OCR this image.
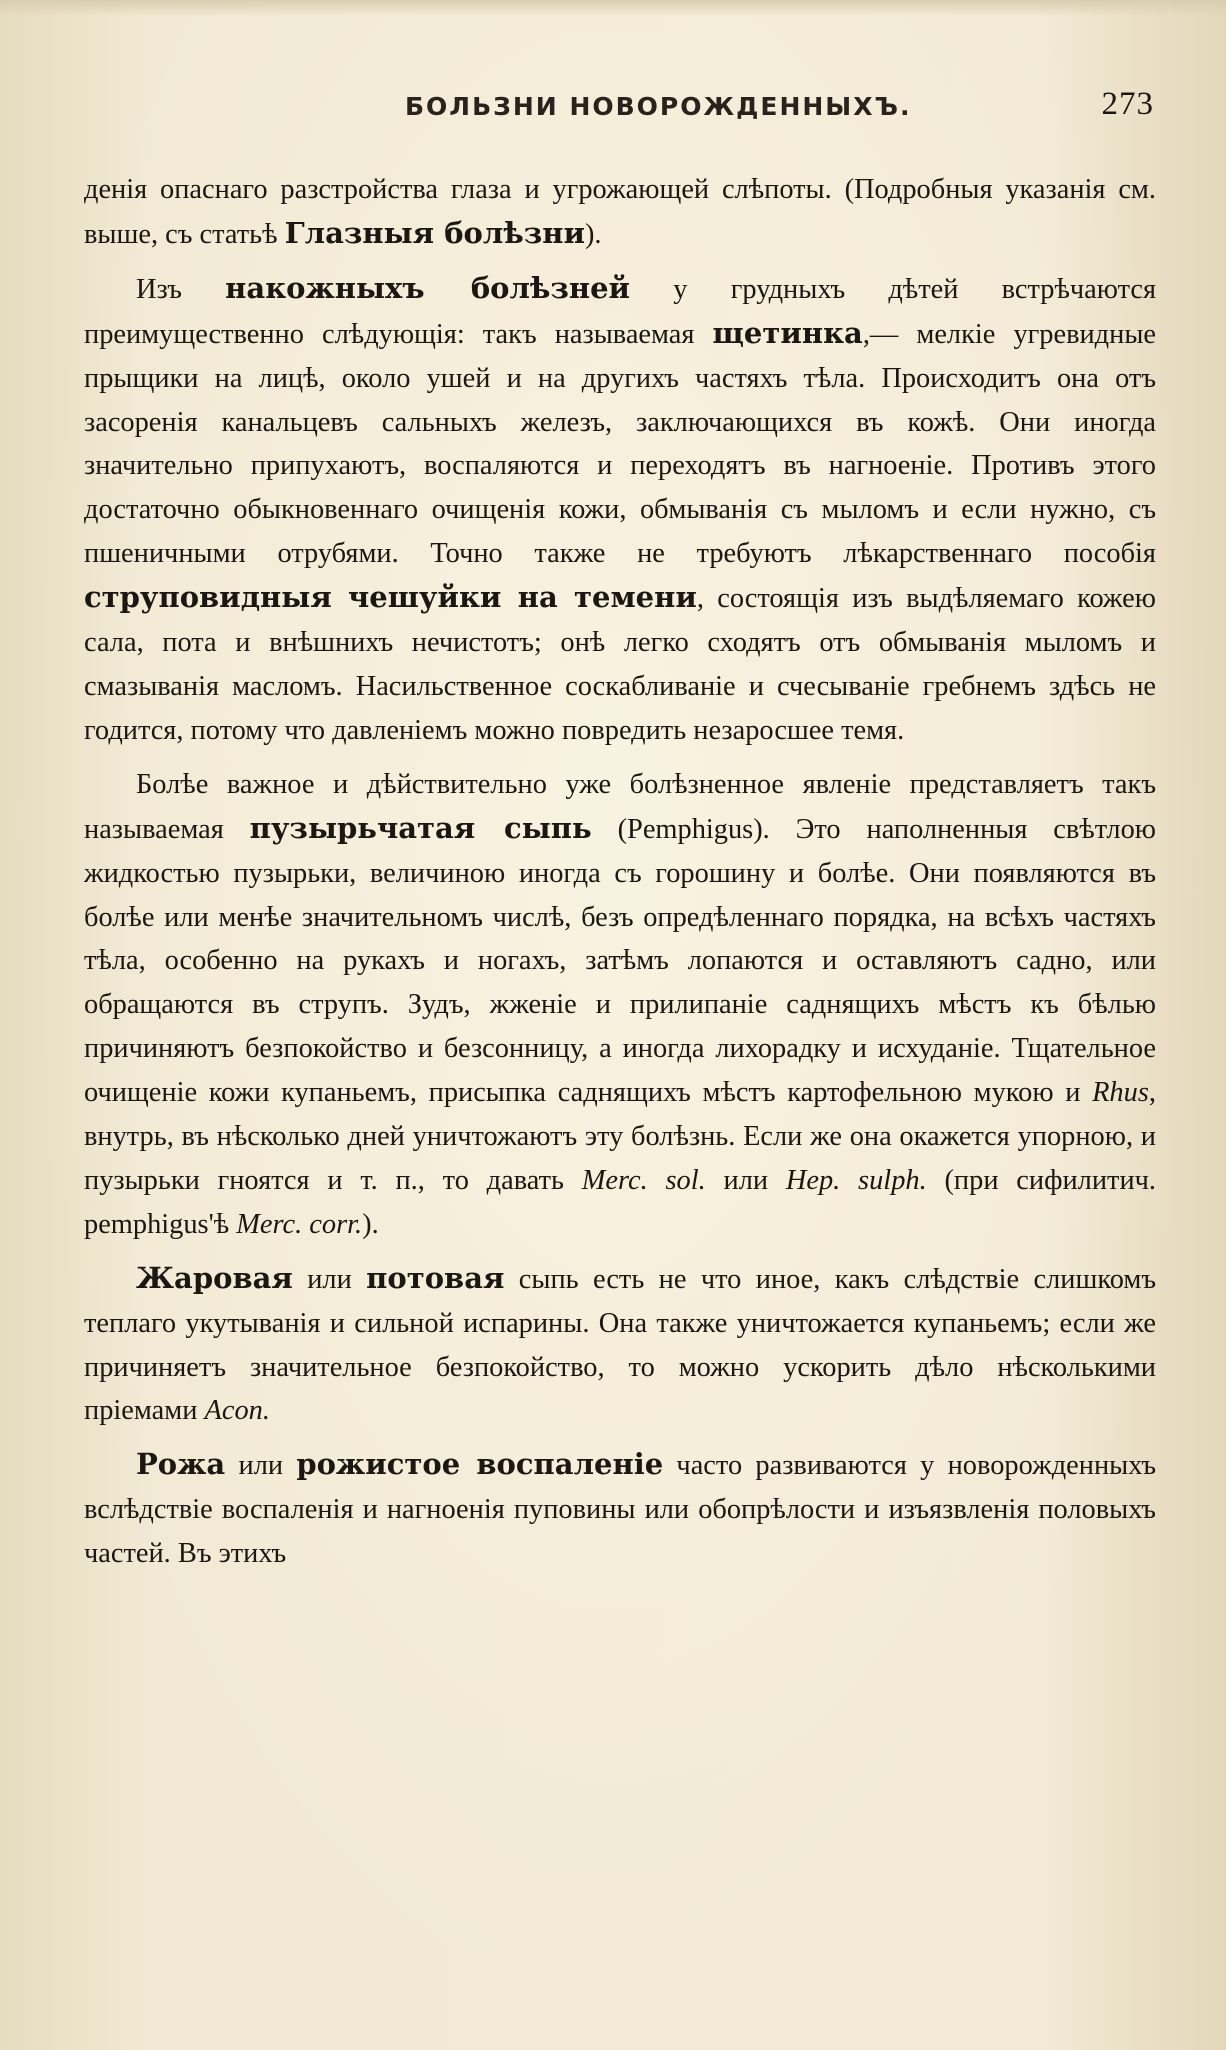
БОЛЬЗНИ НОВОРОЖДЕННЫХЪ.	273

денія опаснаго разстройства глаза и угрожающей слѣпоты. (Подробныя указанія см. выше, съ статьѣ Глазныя болѣзни).

Изъ накожныхъ болѣзней у грудныхъ дѣтей встрѣчаются преимущественно слѣдующія: такъ называемая щетинка,— мелкіе угревидные прыщики на лицѣ, около ушей и на другихъ частяхъ тѣла. Происходитъ она отъ засоренія канальцевъ сальныхъ железъ, заключающихся въ кожѣ. Они иногда значительно припухаютъ, воспаляются и переходятъ въ нагноеніе. Противъ этого достаточно обыкновеннаго очищенія кожи, обмыванія съ мыломъ и если нужно, съ пшеничными отрубями. Точно также не требуютъ лѣкарственнаго пособія струповидныя чешуйки на темени, состоящія изъ выдѣляемаго кожею сала, пота и внѣшнихъ нечистотъ; онѣ легко сходятъ отъ обмыванія мыломъ и смазыванія масломъ. Насильственное соскабливаніе и счесываніе гребнемъ здѣсь не годится, потому что давленіемъ можно повредить незаросшее темя.

Болѣе важное и дѣйствительно уже болѣзненное явленіе представляетъ такъ называемая пузырьчатая сыпь (Pemphigus). Это наполненныя свѣтлою жидкостью пузырьки, величиною иногда съ горошину и болѣе. Они появляются въ болѣе или менѣе значительномъ числѣ, безъ опредѣленнаго порядка, на всѣхъ частяхъ тѣла, особенно на рукахъ и ногахъ, затѣмъ лопаются и оставляютъ садно, или обращаются въ струпъ. Зудъ, жженіе и прилипаніе саднящихъ мѣстъ къ бѣлью причиняютъ безпокойство и безсонницу, а иногда лихорадку и исхуданіе. Тщательное очищеніе кожи купаньемъ, присыпка саднящихъ мѣстъ картофельною мукою и Rhus, внутрь, въ нѣсколько дней уничтожаютъ эту болѣзнь. Если же она окажется упорною, и пузырьки гноятся и т. п., то давать Merc. sol. или Hep. sulph. (при сифилитич. pemphigus'ѣ Merc. corr.).

Жаровая или потовая сыпь есть не что иное, какъ слѣдствіе слишкомъ теплаго укутыванія и сильной испарины. Она также уничтожается купаньемъ; если же причиняетъ значительное безпокойство, то можно ускорить дѣло нѣсколькими пріемами Acon.

Рожа или рожистое воспаленіе часто развиваются у новорожденныхъ вслѣдствіе воспаленія и нагноенія пуповины или обопрѣлости и изъязвленія половыхъ частей. Въ этихъ
